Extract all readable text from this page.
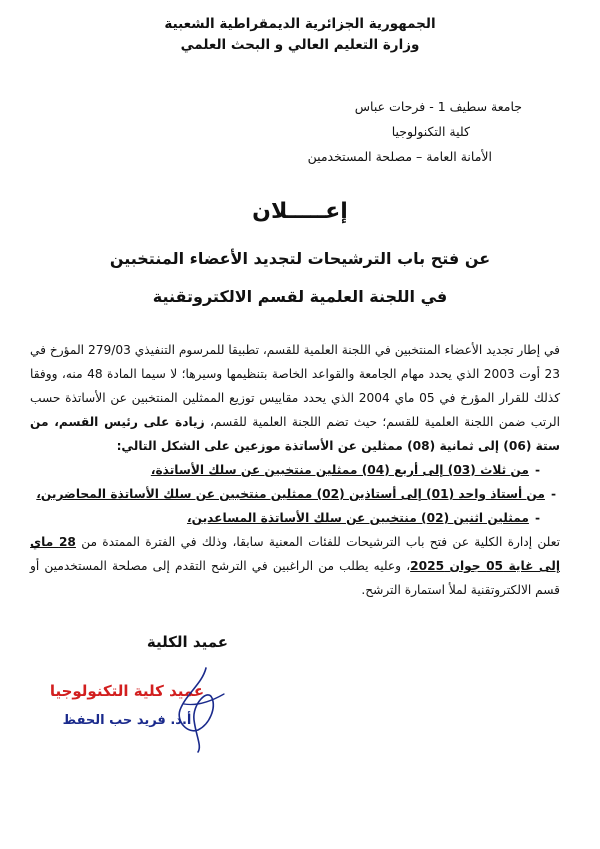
الجمهورية الجزائرية الديمقراطية الشعبية
وزارة التعليم العالي و البحث العلمي
جامعة سطيف 1 - فرحات عباس
كلية التكنولوجيا
الأمانة العامة – مصلحة المستخدمين
إعـــــلان
عن فتح باب الترشيحات لتجديد الأعضاء المنتخبين
في اللجنة العلمية لقسم الالكتروتقنية

في إطار تجديد الأعضاء المنتخبين في اللجنة العلمية للقسم، تطبيقا للمرسوم التنفيذي 279/03 المؤرخ في 23 أوت 2003 الذي يحدد مهام الجامعة والقواعد الخاصة بتنظيمها وسيرها؛ لا سيما المادة 48 منه، ووفقا كذلك للقرار المؤرخ في 05 ماي 2004 الذي يحدد مقاييس توزيع الممثلين المنتخبين عن الأساتذة حسب الرتب ضمن اللجنة العلمية للقسم؛ حيث تضم اللجنة العلمية للقسم، زيادة على رئيس القسم، من ستة (06) إلى ثمانية (08) ممثلين عن الأساتذة موزعين على الشكل التالي:

-من ثلاث (03) إلى أربع (04) ممثلين منتخبين عن سلك الأساتذة،
-من أستاذ واحد (01) إلى أستاذين (02) ممثلين منتخبين عن سلك الأساتذة المحاضرين،
-ممثلين اثنين (02) منتخبين عن سلك الأساتذة المساعدين،

تعلن إدارة الكلية عن فتح باب الترشيحات للفئات المعنية سابقا، وذلك في الفترة الممتدة من 28 ماي إلى غاية 05 جوان 2025، وعليه يطلب من الراغبين في الترشح التقدم إلى مصلحة المستخدمين أو قسم الالكتروتقنية لملأ استمارة الترشح.

عميد الكلية
عميد كلية التكنولوجيا
أ.د. فريد حب الحفظ
